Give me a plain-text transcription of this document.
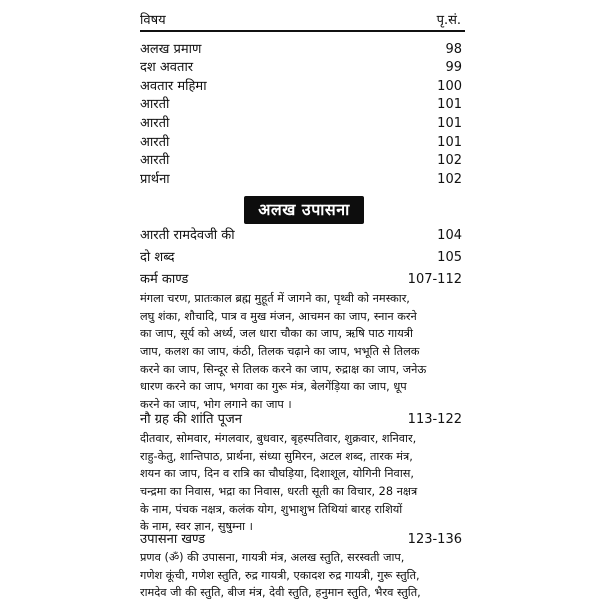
विषय	पृ.सं.
अलख प्रमाण	98
दश अवतार	99
अवतार महिमा	100
आरती	101
आरती	101
आरती	101
आरती	102
प्रार्थना	102
अलख उपासना
आरती रामदेवजी की	104
दो शब्द	105
कर्म काण्ड	107-112
मंगला चरण, प्रातःकाल ब्रह्म मुहूर्त में जागने का, पृथ्वी को नमस्कार,
लघु शंका, शौचादि, पात्र व मुख मंजन, आचमन का जाप, स्नान करने
का जाप, सूर्य को अर्ध्य, जल धारा चौका का जाप, ऋषि पाठ गायत्री
जाप, कलश का जाप, कंठी, तिलक चढ़ाने का जाप, भभूति से तिलक
करने का जाप, सिन्दूर से तिलक करने का जाप, रुद्राक्ष का जाप, जनेऊ
धारण करने का जाप, भगवा का गुरू मंत्र, बेलगेंड़िया का जाप, धूप
करने का जाप, भोग लगाने का जाप ।
नौ ग्रह की शांति पूजन	113-122
दीतवार, सोमवार, मंगलवार, बुधवार, बृहस्पतिवार, शुक्रवार, शनिवार,
राहु-केतु, शान्तिपाठ, प्रार्थना, संध्या सुमिरन, अटल शब्द, तारक मंत्र,
शयन का जाप, दिन व रात्रि का चौघड़िया, दिशाशूल, योगिनी निवास,
चन्द्रमा का निवास, भद्रा का निवास, धरती सूती का विचार, 28 नक्षत्र
के नाम, पंचक नक्षत्र, कलंक योग, शुभाशुभ तिथियां बारह राशियों
के नाम, स्वर ज्ञान, सुषुम्ना ।
उपासना खण्ड	123-136
प्रणव (ॐ) की उपासना, गायत्री मंत्र, अलख स्तुति, सरस्वती जाप,
गणेश कूंची, गणेश स्तुति, रुद्र गायत्री, एकादश रुद्र गायत्री, गुरू स्तुति,
रामदेव जी की स्तुति, बीज मंत्र, देवी स्तुति, हनुमान स्तुति, भैरव स्तुति,
